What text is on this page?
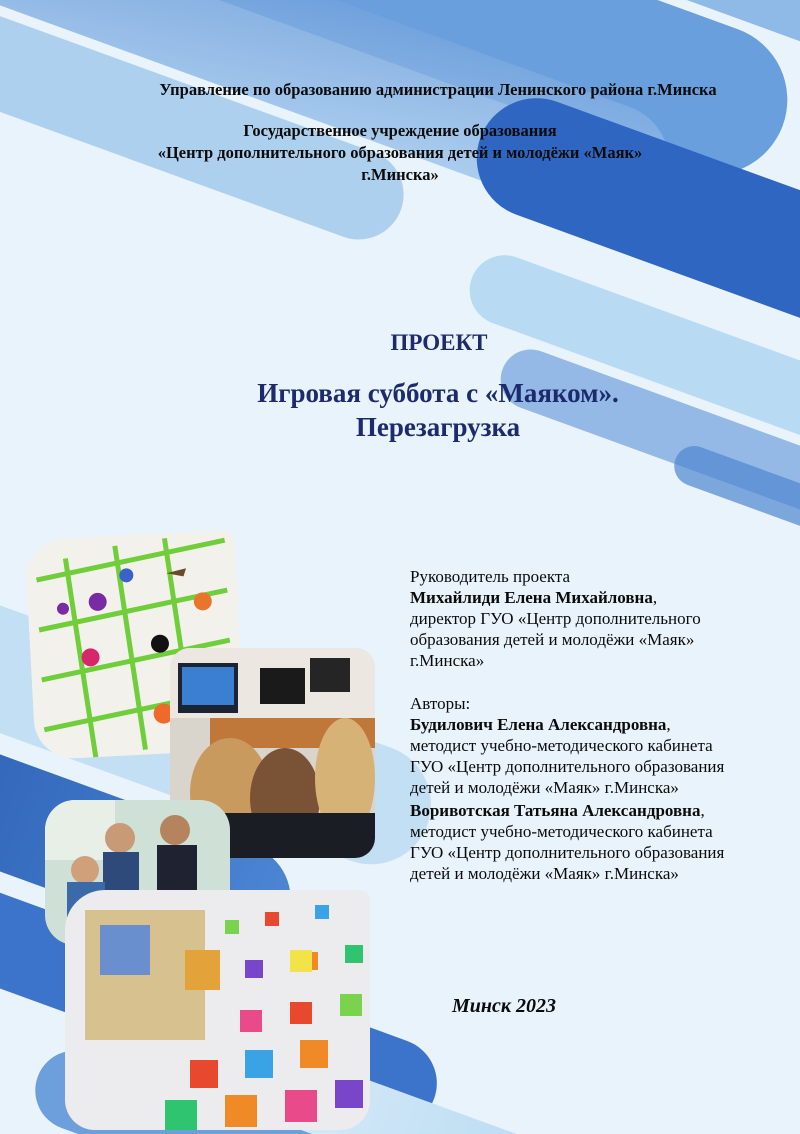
Управление по образованию администрации Ленинского района г.Минска
Государственное учреждение образования
«Центр дополнительного образования детей и молодёжи «Маяк»
г.Минска»
ПРОЕКТ
Игровая суббота с «Маяком».
Перезагрузка
Руководитель проекта
Михайлиди Елена Михайловна,
директор ГУО «Центр дополнительного
образования детей и молодёжи «Маяк»
г.Минска»
Авторы:
Будилович Елена Александровна,
методист учебно-методического кабинета
ГУО «Центр дополнительного образования
детей и молодёжи «Маяк» г.Минска»
Воривотская Татьяна Александровна,
методист учебно-методического кабинета
ГУО «Центр дополнительного образования
детей и молодёжи «Маяк» г.Минска»
Минск 2023
